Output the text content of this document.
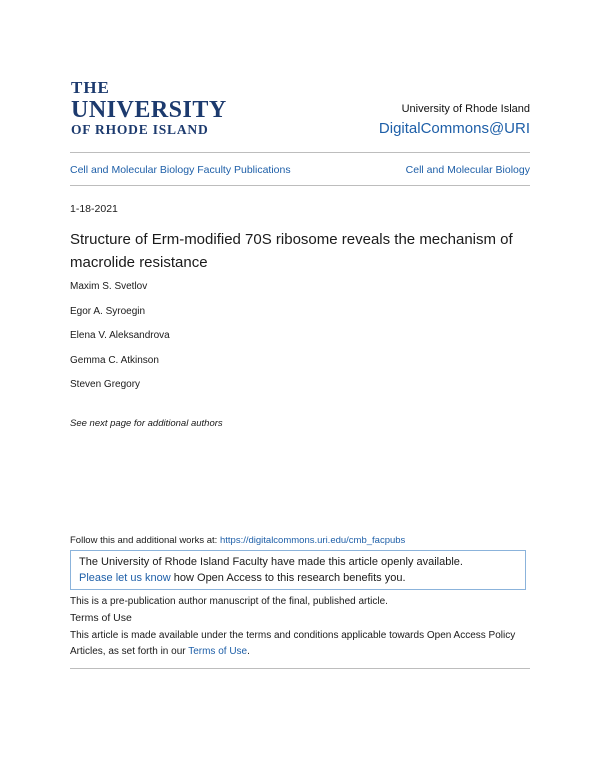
THE
UNIVERSITY
OF RHODE ISLAND
University of Rhode Island
DigitalCommons@URI
Cell and Molecular Biology Faculty Publications	Cell and Molecular Biology
1-18-2021
Structure of Erm-modified 70S ribosome reveals the mechanism of macrolide resistance
Maxim S. Svetlov
Egor A. Syroegin
Elena V. Aleksandrova
Gemma C. Atkinson
Steven Gregory
See next page for additional authors
Follow this and additional works at: https://digitalcommons.uri.edu/cmb_facpubs
The University of Rhode Island Faculty have made this article openly available.
Please let us know how Open Access to this research benefits you.
This is a pre-publication author manuscript of the final, published article.
Terms of Use
This article is made available under the terms and conditions applicable towards Open Access Policy Articles, as set forth in our Terms of Use.
